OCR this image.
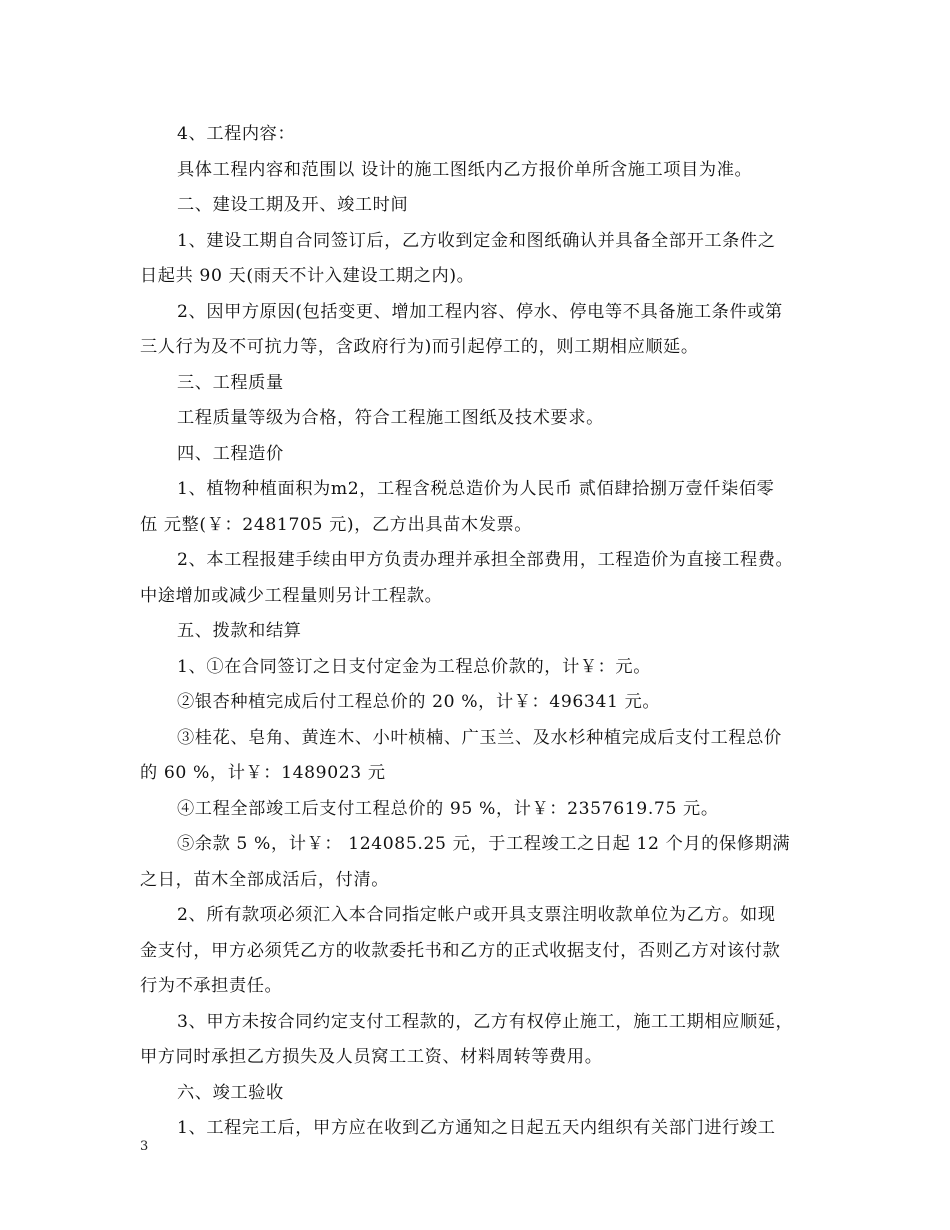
4、工程内容：

具体工程内容和范围以 设计的施工图纸内乙方报价单所含施工项目为准。

二、建设工期及开、竣工时间

1、建设工期自合同签订后，乙方收到定金和图纸确认并具备全部开工条件之

日起共 90 天(雨天不计入建设工期之内)。

2、因甲方原因(包括变更、增加工程内容、停水、停电等不具备施工条件或第

三人行为及不可抗力等，含政府行为)而引起停工的，则工期相应顺延。

三、工程质量

工程质量等级为合格，符合工程施工图纸及技术要求。

四、工程造价

1、植物种植面积为m2，工程含税总造价为人民币 贰佰肆拾捌万壹仟柒佰零

伍 元整(￥：2481705 元)，乙方出具苗木发票。

2、本工程报建手续由甲方负责办理并承担全部费用，工程造价为直接工程费。

中途增加或减少工程量则另计工程款。

五、拨款和结算

1、①在合同签订之日支付定金为工程总价款的，计￥：元。

②银杏种植完成后付工程总价的 20 %，计￥：496341 元。

③桂花、皂角、黄连木、小叶桢楠、广玉兰、及水杉种植完成后支付工程总价

的 60 %，计￥：1489023 元

④工程全部竣工后支付工程总价的 95 %，计￥：2357619.75 元。

⑤余款 5 %，计￥： 124085.25 元，于工程竣工之日起 12 个月的保修期满

之日，苗木全部成活后，付清。

2、所有款项必须汇入本合同指定帐户或开具支票注明收款单位为乙方。如现

金支付，甲方必须凭乙方的收款委托书和乙方的正式收据支付，否则乙方对该付款

行为不承担责任。

3、甲方未按合同约定支付工程款的，乙方有权停止施工，施工工期相应顺延，

甲方同时承担乙方损失及人员窝工工资、材料周转等费用。

六、竣工验收

1、工程完工后，甲方应在收到乙方通知之日起五天内组织有关部门进行竣工

3
